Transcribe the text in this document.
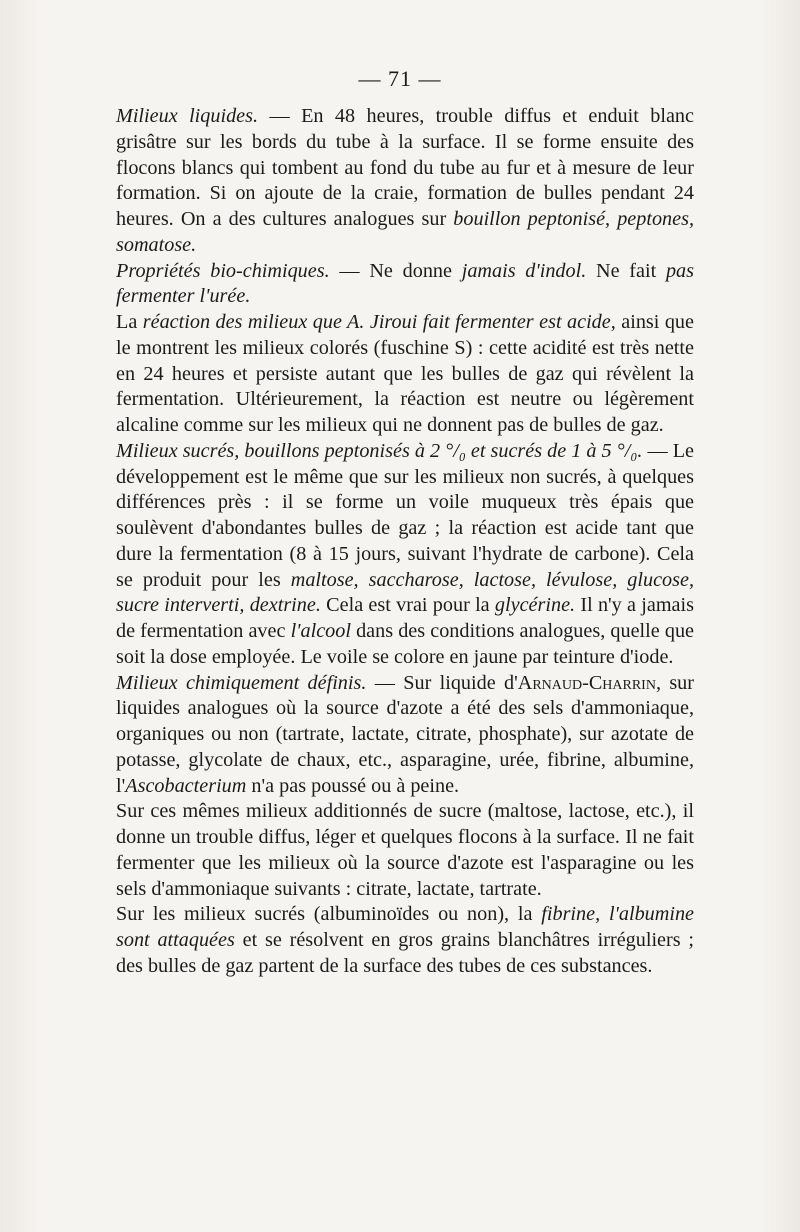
— 71 —

Milieux liquides. — En 48 heures, trouble diffus et enduit blanc grisâtre sur les bords du tube à la surface. Il se forme ensuite des flocons blancs qui tombent au fond du tube au fur et à mesure de leur formation. Si on ajoute de la craie, formation de bulles pendant 24 heures. On a des cultures analogues sur bouillon peptonisé, peptones, somatose.

Propriétés bio-chimiques. — Ne donne jamais d'indol. Ne fait pas fermenter l'urée.

La réaction des milieux que A. Jiroui fait fermenter est acide, ainsi que le montrent les milieux colorés (fuschine S) : cette acidité est très nette en 24 heures et persiste autant que les bulles de gaz qui révèlent la fermentation. Ultérieurement, la réaction est neutre ou légèrement alcaline comme sur les milieux qui ne donnent pas de bulles de gaz.

Milieux sucrés, bouillons peptonisés à 2 °/₀ et sucrés de 1 à 5 °/₀. — Le développement est le même que sur les milieux non sucrés, à quelques différences près : il se forme un voile muqueux très épais que soulèvent d'abondantes bulles de gaz ; la réaction est acide tant que dure la fermentation (8 à 15 jours, suivant l'hydrate de carbone). Cela se produit pour les maltose, saccharose, lactose, lévulose, glucose, sucre interverti, dextrine. Cela est vrai pour la glycérine. Il n'y a jamais de fermentation avec l'alcool dans des conditions analogues, quelle que soit la dose employée. Le voile se colore en jaune par teinture d'iode.

Milieux chimiquement définis. — Sur liquide d'Arnaud-Charrin, sur liquides analogues où la source d'azote a été des sels d'ammoniaque, organiques ou non (tartrate, lactate, citrate, phosphate), sur azotate de potasse, glycolate de chaux, etc., asparagine, urée, fibrine, albumine, l'Ascobacterium n'a pas poussé ou à peine.

Sur ces mêmes milieux additionnés de sucre (maltose, lactose, etc.), il donne un trouble diffus, léger et quelques flocons à la surface. Il ne fait fermenter que les milieux où la source d'azote est l'asparagine ou les sels d'ammoniaque suivants : citrate, lactate, tartrate.

Sur les milieux sucrés (albuminoïdes ou non), la fibrine, l'albumine sont attaquées et se résolvent en gros grains blanchâtres irréguliers ; des bulles de gaz partent de la surface des tubes de ces substances.
